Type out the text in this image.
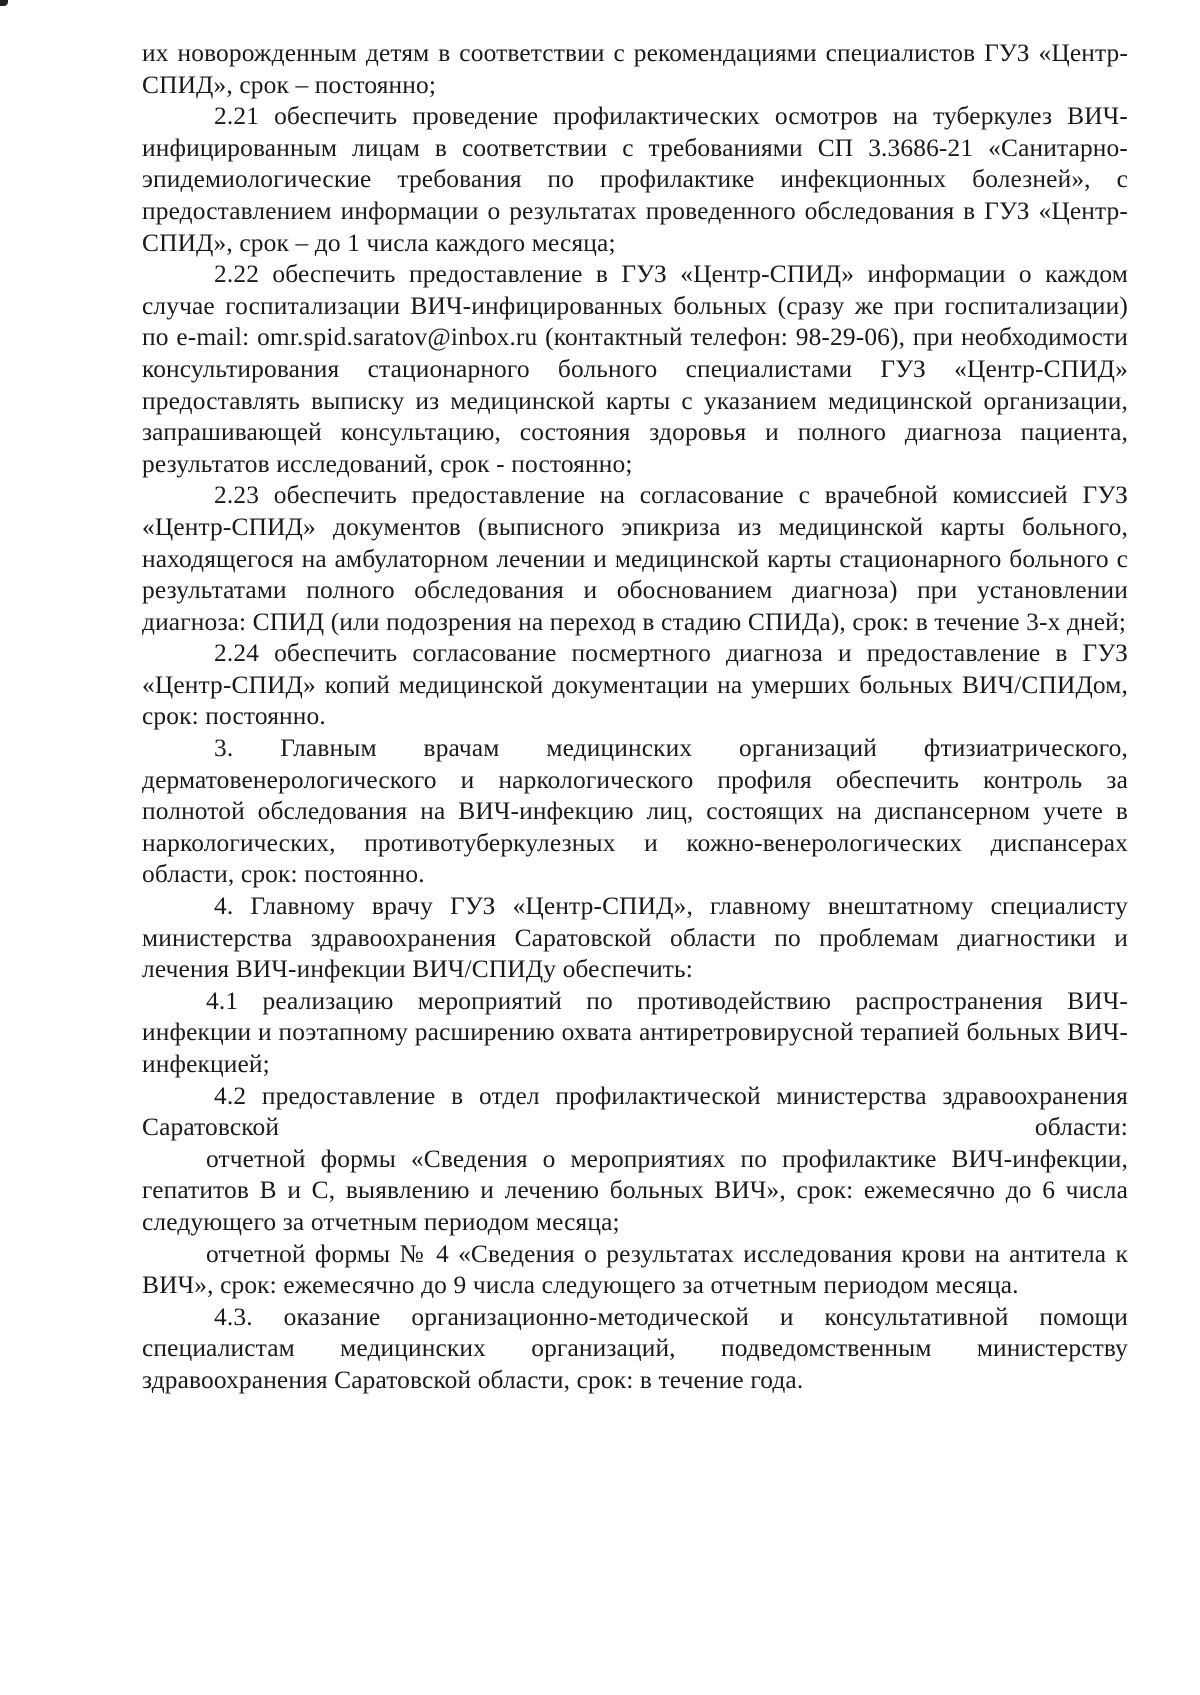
их новорожденным детям в соответствии с рекомендациями специалистов ГУЗ «Центр-СПИД», срок – постоянно;

2.21 обеспечить проведение профилактических осмотров на туберкулез ВИЧ-инфицированным лицам в соответствии с требованиями СП 3.3686-21 «Санитарно-эпидемиологические требования по профилактике инфекционных болезней», с предоставлением информации о результатах проведенного обследования в ГУЗ «Центр-СПИД», срок – до 1 числа каждого месяца;

2.22 обеспечить предоставление в ГУЗ «Центр-СПИД» информации о каждом случае госпитализации ВИЧ-инфицированных больных (сразу же при госпитализации) по e-mail: omr.spid.saratov@inbox.ru (контактный телефон: 98-29-06), при необходимости консультирования стационарного больного специалистами ГУЗ «Центр-СПИД» предоставлять выписку из медицинской карты с указанием медицинской организации, запрашивающей консультацию, состояния здоровья и полного диагноза пациента, результатов исследований, срок - постоянно;

2.23 обеспечить предоставление на согласование с врачебной комиссией ГУЗ «Центр-СПИД» документов (выписного эпикриза из медицинской карты больного, находящегося на амбулаторном лечении и медицинской карты стационарного больного с результатами полного обследования и обоснованием диагноза) при установлении диагноза: СПИД (или подозрения на переход в стадию СПИДа), срок: в течение 3-х дней;

2.24 обеспечить согласование посмертного диагноза и предоставление в ГУЗ «Центр-СПИД» копий медицинской документации на умерших больных ВИЧ/СПИДом, срок: постоянно.

3. Главным врачам медицинских организаций фтизиатрического, дерматовенерологического и наркологического профиля обеспечить контроль за полнотой обследования на ВИЧ-инфекцию лиц, состоящих на диспансерном учете в наркологических, противотуберкулезных и кожно-венерологических диспансерах области, срок: постоянно.

4. Главному врачу ГУЗ «Центр-СПИД», главному внештатному специалисту министерства здравоохранения Саратовской области по проблемам диагностики и лечения ВИЧ-инфекции ВИЧ/СПИДу обеспечить:

4.1 реализацию мероприятий по противодействию распространения ВИЧ-инфекции и поэтапному расширению охвата антиретровирусной терапией больных ВИЧ-инфекцией;

4.2 предоставление в отдел профилактической министерства здравоохранения Саратовской области:

отчетной формы «Сведения о мероприятиях по профилактике ВИЧ-инфекции, гепатитов В и С, выявлению и лечению больных ВИЧ», срок: ежемесячно до 6 числа следующего за отчетным периодом месяца;

отчетной формы № 4 «Сведения о результатах исследования крови на антитела к ВИЧ», срок: ежемесячно до 9 числа следующего за отчетным периодом месяца.

4.3. оказание организационно-методической и консультативной помощи специалистам медицинских организаций, подведомственным министерству здравоохранения Саратовской области, срок: в течение года.
